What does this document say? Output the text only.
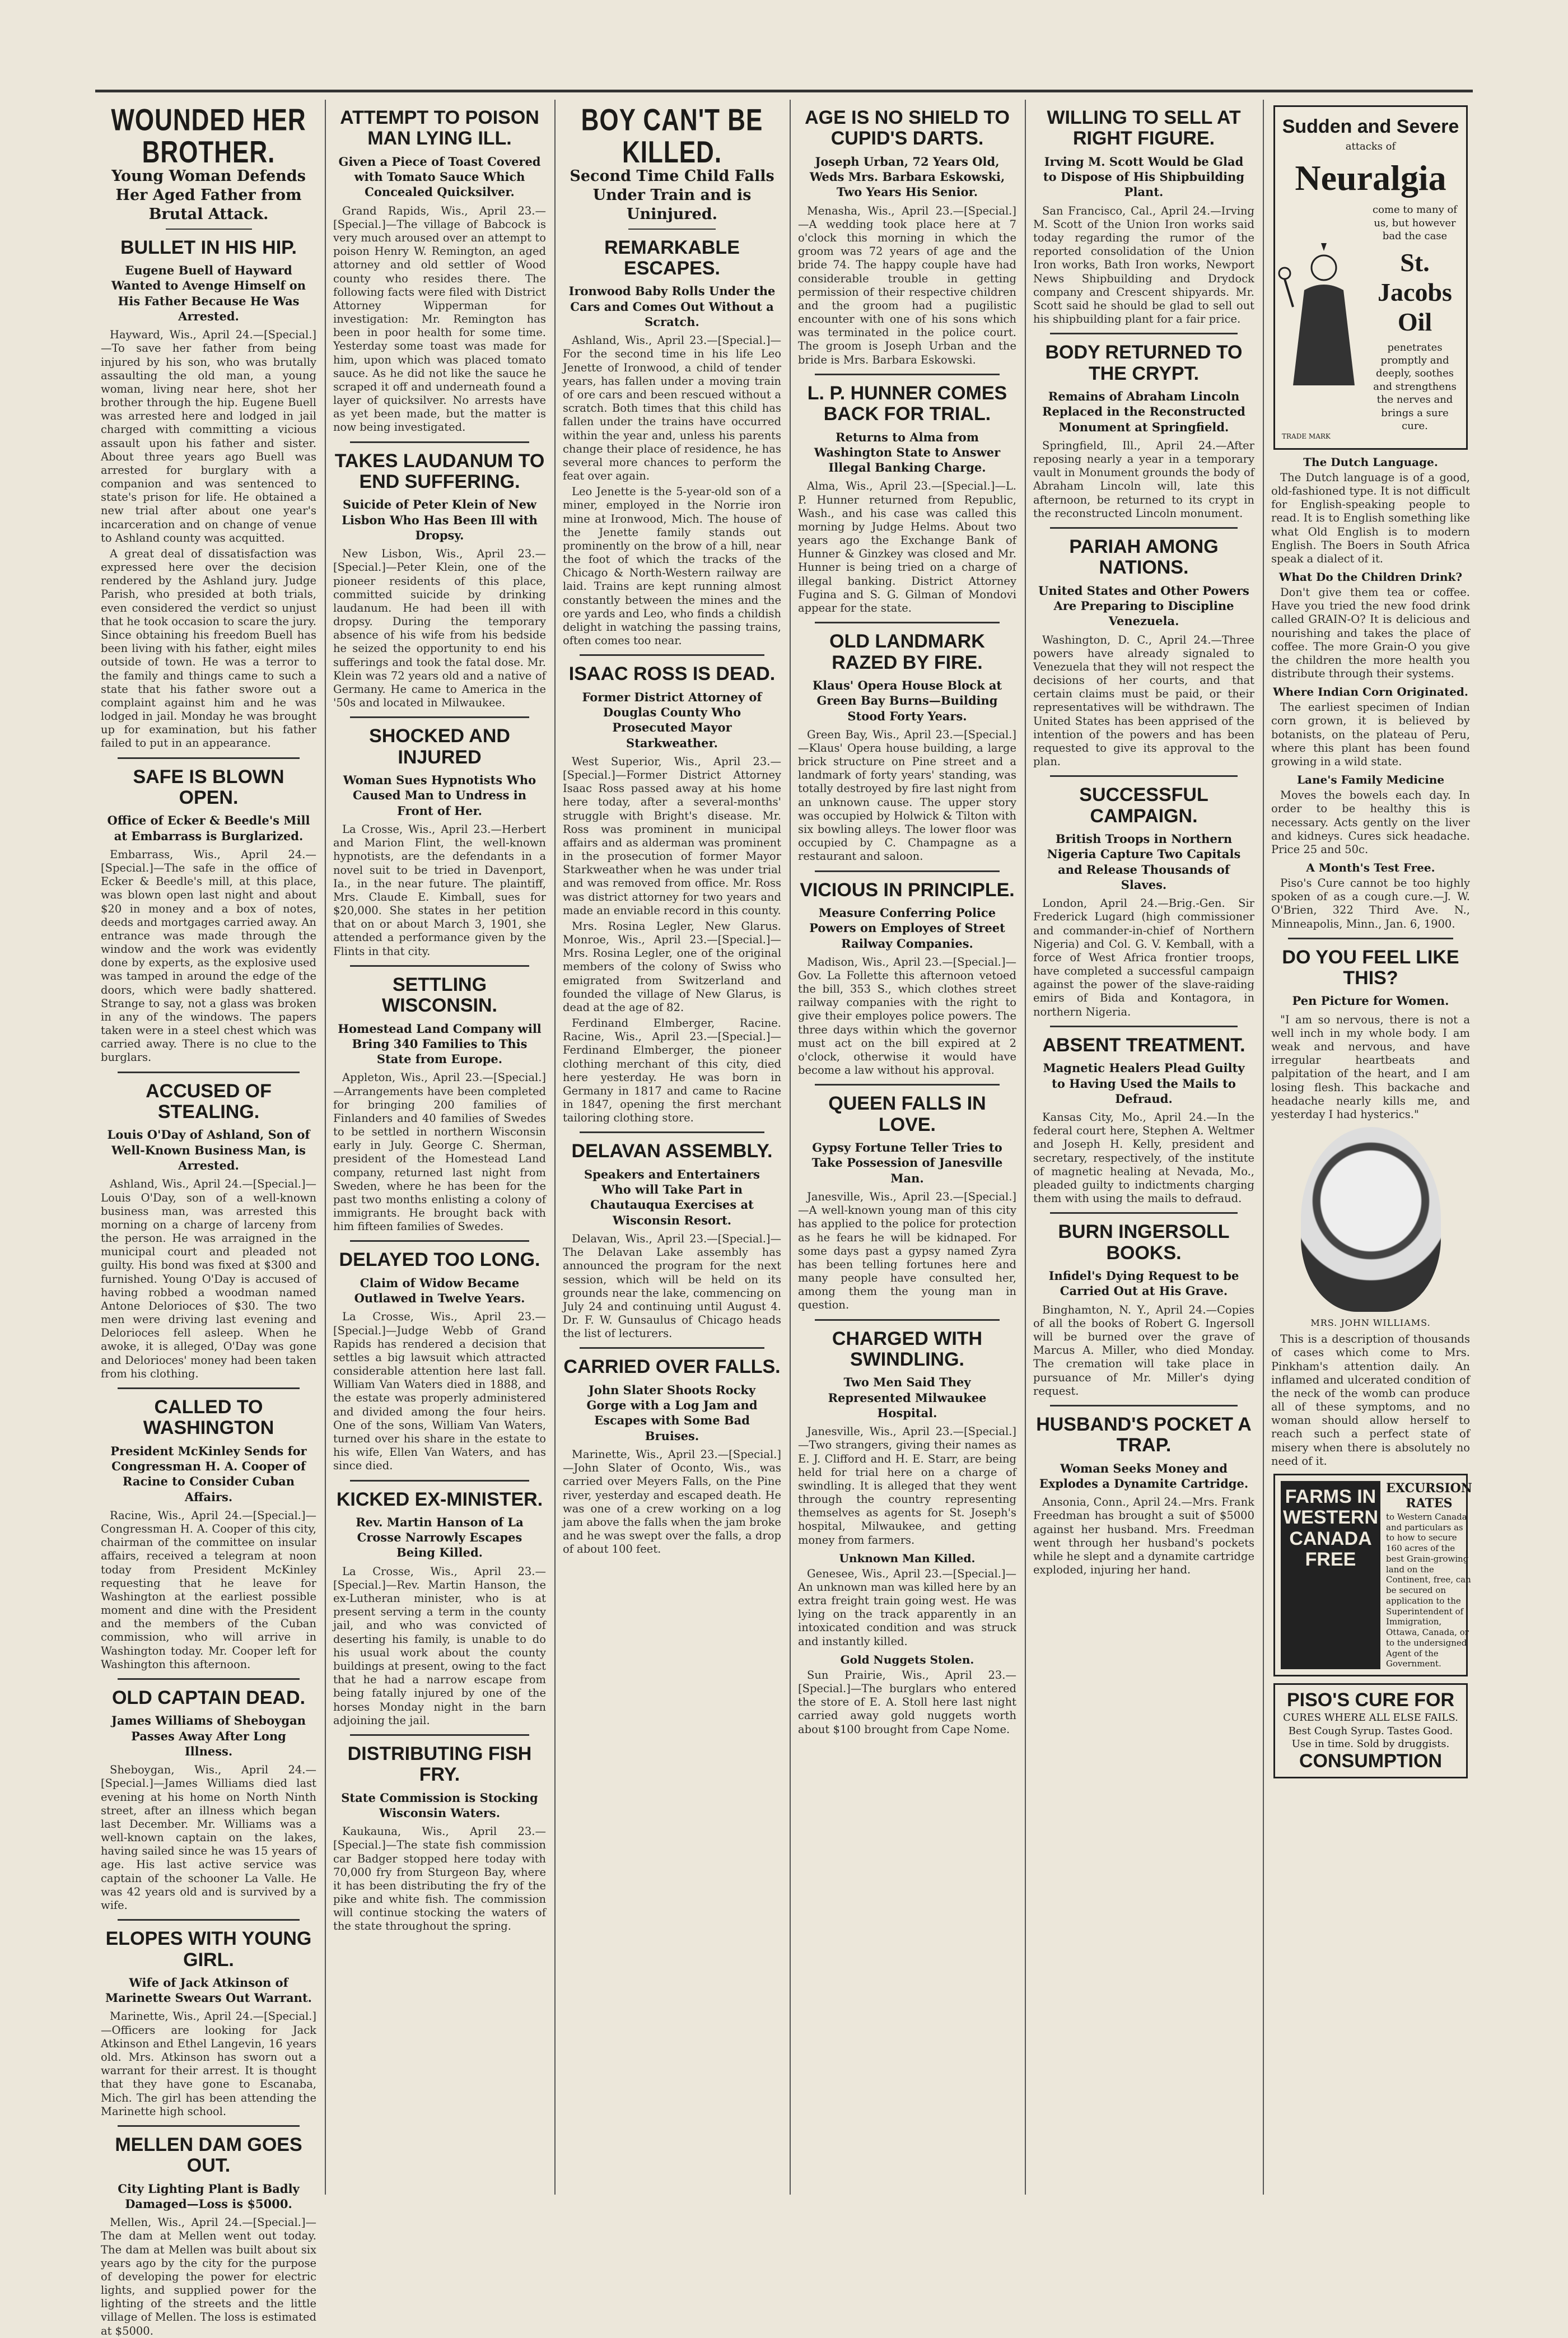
WOUNDED HER BROTHER.
Young Woman Defends Her Aged Father from Brutal Attack.
BULLET IN HIS HIP.
Eugene Buell of Hayward Wanted to Avenge Himself on His Father Because He Was Arrested.

Hayward, Wis., April 24.—[Special.]—To save her father from being injured by his son, who was brutally assaulting the old man, a young woman, living near here, shot her brother through the hip. Eugene Buell was arrested here and lodged in jail charged with committing a vicious assault upon his father and sister. About three years ago Buell was arrested for burglary with a companion and was sentenced to state's prison for life. He obtained a new trial after about one year's incarceration and on change of venue to Ashland county was acquitted.

A great deal of dissatisfaction was expressed here over the decision rendered by the Ashland jury. Judge Parish, who presided at both trials, even considered the verdict so unjust that he took occasion to scare the jury. Since obtaining his freedom Buell has been living with his father, eight miles outside of town. He was a terror to the family and things came to such a state that his father swore out a complaint against him and he was lodged in jail. Monday he was brought up for examination, but his father failed to put in an appearance.

SAFE IS BLOWN OPEN.
Office of Ecker & Beedle's Mill at Embarrass is Burglarized.

Embarrass, Wis., April 24.—[Special.]—The safe in the office of Ecker & Beedle's mill, at this place, was blown open last night and about $20 in money and a box of notes, deeds and mortgages carried away. An entrance was made through the window and the work was evidently done by experts, as the explosive used was tamped in around the edge of the doors, which were badly shattered. Strange to say, not a glass was broken in any of the windows. The papers taken were in a steel chest which was carried away. There is no clue to the burglars.

ACCUSED OF STEALING.
Louis O'Day of Ashland, Son of Well-Known Business Man, is Arrested.

Ashland, Wis., April 24.—[Special.]—Louis O'Day, son of a well-known business man, was arrested this morning on a charge of larceny from the person. He was arraigned in the municipal court and pleaded not guilty. His bond was fixed at $300 and furnished. Young O'Day is accused of having robbed a woodman named Antone Delorioces of $30. The two men were driving last evening and Delorioces fell asleep. When he awoke, it is alleged, O'Day was gone and Delorioces' money had been taken from his clothing.

CALLED TO WASHINGTON
President McKinley Sends for Congressman H. A. Cooper of Racine to Consider Cuban Affairs.

Racine, Wis., April 24.—[Special.]—Congressman H. A. Cooper of this city, chairman of the committee on insular affairs, received a telegram at noon today from President McKinley requesting that he leave for Washington at the earliest possible moment and dine with the President and the members of the Cuban commission, who will arrive in Washington today. Mr. Cooper left for Washington this afternoon.

OLD CAPTAIN DEAD.
James Williams of Sheboygan Passes Away After Long Illness.

Sheboygan, Wis., April 24.—[Special.]—James Williams died last evening at his home on North Ninth street, after an illness which began last December. Mr. Williams was a well-known captain on the lakes, having sailed since he was 15 years of age. His last active service was captain of the schooner La Valle. He was 42 years old and is survived by a wife.

ELOPES WITH YOUNG GIRL.
Wife of Jack Atkinson of Marinette Swears Out Warrant.

Marinette, Wis., April 24.—[Special.]—Officers are looking for Jack Atkinson and Ethel Langevin, 16 years old. Mrs. Atkinson has sworn out a warrant for their arrest. It is thought that they have gone to Escanaba, Mich. The girl has been attending the Marinette high school.

MELLEN DAM GOES OUT.
City Lighting Plant is Badly Damaged—Loss is $5000.

Mellen, Wis., April 24.—[Special.]—The dam at Mellen went out today. The dam at Mellen was built about six years ago by the city for the purpose of developing the power for electric lights, and supplied power for the lighting of the streets and the little village of Mellen. The loss is estimated at $5000.

ATTEMPT TO POISON MAN LYING ILL.
Given a Piece of Toast Covered with Tomato Sauce Which Concealed Quicksilver.

Grand Rapids, Wis., April 23.—[Special.]—The village of Babcock is very much aroused over an attempt to poison Henry W. Remington, an aged attorney and old settler of Wood county who resides there. The following facts were filed with District Attorney Wipperman for investigation: Mr. Remington has been in poor health for some time. Yesterday some toast was made for him, upon which was placed tomato sauce. As he did not like the sauce he scraped it off and underneath found a layer of quicksilver. No arrests have as yet been made, but the matter is now being investigated.

TAKES LAUDANUM TO END SUFFERING.
Suicide of Peter Klein of New Lisbon Who Has Been Ill with Dropsy.

New Lisbon, Wis., April 23.—[Special.]—Peter Klein, one of the pioneer residents of this place, committed suicide by drinking laudanum. He had been ill with dropsy. During the temporary absence of his wife from his bedside he seized the opportunity to end his sufferings and took the fatal dose. Mr. Klein was 72 years old and a native of Germany. He came to America in the '50s and located in Milwaukee.

SHOCKED AND INJURED
Woman Sues Hypnotists Who Caused Man to Undress in Front of Her.

La Crosse, Wis., April 23.—Herbert and Marion Flint, the well-known hypnotists, are the defendants in a novel suit to be tried in Davenport, Ia., in the near future. The plaintiff, Mrs. Claude E. Kimball, sues for $20,000. She states in her petition that on or about March 3, 1901, she attended a performance given by the Flints in that city.

SETTLING WISCONSIN.
Homestead Land Company will Bring 340 Families to This State from Europe.

Appleton, Wis., April 23.—[Special.]—Arrangements have been completed for bringing 200 families of Finlanders and 40 families of Swedes to be settled in northern Wisconsin early in July. George C. Sherman, president of the Homestead Land company, returned last night from Sweden, where he has been for the past two months enlisting a colony of immigrants. He brought back with him fifteen families of Swedes.

DELAYED TOO LONG.
Claim of Widow Became Outlawed in Twelve Years.

La Crosse, Wis., April 23.—[Special.]—Judge Webb of Grand Rapids has rendered a decision that settles a big lawsuit which attracted considerable attention here last fall. William Van Waters died in 1888, and the estate was properly administered and divided among the four heirs. One of the sons, William Van Waters, turned over his share in the estate to his wife, Ellen Van Waters, and has since died.

KICKED EX-MINISTER.
Rev. Martin Hanson of La Crosse Narrowly Escapes Being Killed.

La Crosse, Wis., April 23.—[Special.]—Rev. Martin Hanson, the ex-Lutheran minister, who is at present serving a term in the county jail, and who was convicted of deserting his family, is unable to do his usual work about the county buildings at present, owing to the fact that he had a narrow escape from being fatally injured by one of the horses Monday night in the barn adjoining the jail.

DISTRIBUTING FISH FRY.
State Commission is Stocking Wisconsin Waters.

Kaukauna, Wis., April 23.—[Special.]—The state fish commission car Badger stopped here today with 70,000 fry from Sturgeon Bay, where it has been distributing the fry of the pike and white fish. The commission will continue stocking the waters of the state throughout the spring.

BOY CAN'T BE KILLED.
Second Time Child Falls Under Train and is Uninjured.
REMARKABLE ESCAPES.
Ironwood Baby Rolls Under the Cars and Comes Out Without a Scratch.

Ashland, Wis., April 23.—[Special.]—For the second time in his life Leo Jenette of Ironwood, a child of tender years, has fallen under a moving train of ore cars and been rescued without a scratch. Both times that this child has fallen under the trains have occurred within the year and, unless his parents change their place of residence, he has several more chances to perform the feat over again.

Leo Jenette is the 5-year-old son of a miner, employed in the Norrie iron mine at Ironwood, Mich. The house of the Jenette family stands out prominently on the brow of a hill, near the foot of which the tracks of the Chicago & North-Western railway are laid. Trains are kept running almost constantly between the mines and the ore yards and Leo, who finds a childish delight in watching the passing trains, often comes too near.

ISAAC ROSS IS DEAD.
Former District Attorney of Douglas County Who Prosecuted Mayor Starkweather.

West Superior, Wis., April 23.—[Special.]—Former District Attorney Isaac Ross passed away at his home here today, after a several-months' struggle with Bright's disease. Mr. Ross was prominent in municipal affairs and as alderman was prominent in the prosecution of former Mayor Starkweather when he was under trial and was removed from office. Mr. Ross was district attorney for two years and made an enviable record in this county.

Mrs. Rosina Legler, New Glarus. Monroe, Wis., April 23.—[Special.]—Mrs. Rosina Legler, one of the original members of the colony of Swiss who emigrated from Switzerland and founded the village of New Glarus, is dead at the age of 82.

Ferdinand Elmberger, Racine. Racine, Wis., April 23.—[Special.]—Ferdinand Elmberger, the pioneer clothing merchant of this city, died here yesterday. He was born in Germany in 1817 and came to Racine in 1847, opening the first merchant tailoring clothing store.

DELAVAN ASSEMBLY.
Speakers and Entertainers Who will Take Part in Chautauqua Exercises at Wisconsin Resort.

Delavan, Wis., April 23.—[Special.]—The Delavan Lake assembly has announced the program for the next session, which will be held on its grounds near the lake, commencing on July 24 and continuing until August 4. Dr. F. W. Gunsaulus of Chicago heads the list of lecturers.

CARRIED OVER FALLS.
John Slater Shoots Rocky Gorge with a Log Jam and Escapes with Some Bad Bruises.

Marinette, Wis., April 23.—[Special.]—John Slater of Oconto, Wis., was carried over Meyers Falls, on the Pine river, yesterday and escaped death. He was one of a crew working on a log jam above the falls when the jam broke and he was swept over the falls, a drop of about 100 feet.

AGE IS NO SHIELD TO CUPID'S DARTS.
Joseph Urban, 72 Years Old, Weds Mrs. Barbara Eskowski, Two Years His Senior.

Menasha, Wis., April 23.—[Special.]—A wedding took place here at 7 o'clock this morning in which the groom was 72 years of age and the bride 74. The happy couple have had considerable trouble in getting permission of their respective children and the groom had a pugilistic encounter with one of his sons which was terminated in the police court. The groom is Joseph Urban and the bride is Mrs. Barbara Eskowski.

L. P. HUNNER COMES BACK FOR TRIAL.
Returns to Alma from Washington State to Answer Illegal Banking Charge.

Alma, Wis., April 23.—[Special.]—L. P. Hunner returned from Republic, Wash., and his case was called this morning by Judge Helms. About two years ago the Exchange Bank of Hunner & Ginzkey was closed and Mr. Hunner is being tried on a charge of illegal banking. District Attorney Fugina and S. G. Gilman of Mondovi appear for the state.

OLD LANDMARK RAZED BY FIRE.
Klaus' Opera House Block at Green Bay Burns—Building Stood Forty Years.

Green Bay, Wis., April 23.—[Special.]—Klaus' Opera house building, a large brick structure on Pine street and a landmark of forty years' standing, was totally destroyed by fire last night from an unknown cause. The upper story was occupied by Holwick & Tilton with six bowling alleys. The lower floor was occupied by C. Champagne as a restaurant and saloon.

VICIOUS IN PRINCIPLE.
Measure Conferring Police Powers on Employes of Street Railway Companies.

Madison, Wis., April 23.—[Special.]—Gov. La Follette this afternoon vetoed the bill, 353 S., which clothes street railway companies with the right to give their employes police powers. The three days within which the governor must act on the bill expired at 2 o'clock, otherwise it would have become a law without his approval.

QUEEN FALLS IN LOVE.
Gypsy Fortune Teller Tries to Take Possession of Janesville Man.

Janesville, Wis., April 23.—[Special.]—A well-known young man of this city has applied to the police for protection as he fears he will be kidnaped. For some days past a gypsy named Zyra has been telling fortunes here and many people have consulted her, among them the young man in question.

CHARGED WITH SWINDLING.
Two Men Said They Represented Milwaukee Hospital.

Janesville, Wis., April 23.—[Special.]—Two strangers, giving their names as E. J. Clifford and H. E. Starr, are being held for trial here on a charge of swindling. It is alleged that they went through the country representing themselves as agents for St. Joseph's hospital, Milwaukee, and getting money from farmers.

Unknown Man Killed.

Genesee, Wis., April 23.—[Special.]—An unknown man was killed here by an extra freight train going west. He was lying on the track apparently in an intoxicated condition and was struck and instantly killed.

Gold Nuggets Stolen.

Sun Prairie, Wis., April 23.—[Special.]—The burglars who entered the store of E. A. Stoll here last night carried away gold nuggets worth about $100 brought from Cape Nome.

WILLING TO SELL AT RIGHT FIGURE.
Irving M. Scott Would be Glad to Dispose of His Shipbuilding Plant.

San Francisco, Cal., April 24.—Irving M. Scott of the Union Iron works said today regarding the rumor of the reported consolidation of the Union Iron works, Bath Iron works, Newport News Shipbuilding and Drydock company and Crescent shipyards. Mr. Scott said he should be glad to sell out his shipbuilding plant for a fair price.

BODY RETURNED TO THE CRYPT.
Remains of Abraham Lincoln Replaced in the Reconstructed Monument at Springfield.

Springfield, Ill., April 24.—After reposing nearly a year in a temporary vault in Monument grounds the body of Abraham Lincoln will, late this afternoon, be returned to its crypt in the reconstructed Lincoln monument.

PARIAH AMONG NATIONS.
United States and Other Powers Are Preparing to Discipline Venezuela.

Washington, D. C., April 24.—Three powers have already signaled to Venezuela that they will not respect the decisions of her courts, and that certain claims must be paid, or their representatives will be withdrawn. The United States has been apprised of the intention of the powers and has been requested to give its approval to the plan.

SUCCESSFUL CAMPAIGN.
British Troops in Northern Nigeria Capture Two Capitals and Release Thousands of Slaves.

London, April 24.—Brig.-Gen. Sir Frederick Lugard (high commissioner and commander-in-chief of Northern Nigeria) and Col. G. V. Kemball, with a force of West Africa frontier troops, have completed a successful campaign against the power of the slave-raiding emirs of Bida and Kontagora, in northern Nigeria.

ABSENT TREATMENT.
Magnetic Healers Plead Guilty to Having Used the Mails to Defraud.

Kansas City, Mo., April 24.—In the federal court here, Stephen A. Weltmer and Joseph H. Kelly, president and secretary, respectively, of the institute of magnetic healing at Nevada, Mo., pleaded guilty to indictments charging them with using the mails to defraud.

BURN INGERSOLL BOOKS.
Infidel's Dying Request to be Carried Out at His Grave.

Binghamton, N. Y., April 24.—Copies of all the books of Robert G. Ingersoll will be burned over the grave of Marcus A. Miller, who died Monday. The cremation will take place in pursuance of Mr. Miller's dying request.

HUSBAND'S POCKET A TRAP.
Woman Seeks Money and Explodes a Dynamite Cartridge.

Ansonia, Conn., April 24.—Mrs. Frank Freedman has brought a suit of $5000 against her husband. Mrs. Freedman went through her husband's pockets while he slept and a dynamite cartridge exploded, injuring her hand.

Sudden and Severe
attacks of
Neuralgia
come to many of us, but however bad the case
St. Jacobs Oil
penetrates promptly and deeply, soothes and strengthens the nerves and brings a sure cure.
TRADE MARK
The Dutch Language.

The Dutch language is of a good, old-fashioned type. It is not difficult for English-speaking people to read. It is to English something like what Old English is to modern English. The Boers in South Africa speak a dialect of it.

What Do the Children Drink?

Don't give them tea or coffee. Have you tried the new food drink called GRAIN-O? It is delicious and nourishing and takes the place of coffee. The more Grain-O you give the children the more health you distribute through their systems.

Where Indian Corn Originated.

The earliest specimen of Indian corn grown, it is believed by botanists, on the plateau of Peru, where this plant has been found growing in a wild state.

Lane's Family Medicine

Moves the bowels each day. In order to be healthy this is necessary. Acts gently on the liver and kidneys. Cures sick headache. Price 25 and 50c.

A Month's Test Free.

Piso's Cure cannot be too highly spoken of as a cough cure.—J. W. O'Brien, 322 Third Ave. N., Minneapolis, Minn., Jan. 6, 1900.

DO YOU FEEL LIKE THIS?
Pen Picture for Women.

"I am so nervous, there is not a well inch in my whole body. I am weak and nervous, and have irregular heartbeats and palpitation of the heart, and I am losing flesh. This backache and headache nearly kills me, and yesterday I had hysterics."

MRS. JOHN WILLIAMS.

This is a description of thousands of cases which come to Mrs. Pinkham's attention daily. An inflamed and ulcerated condition of the neck of the womb can produce all of these symptoms, and no woman should allow herself to reach such a perfect state of misery when there is absolutely no need of it.

FARMS IN WESTERN CANADA FREE
EXCURSION RATES
to Western Canada and particulars as to how to secure 160 acres of the best Grain-growing land on the Continent, free, can be secured on application to the Superintendent of Immigration, Ottawa, Canada, or to the undersigned Agent of the Government.
PISO'S CURE FOR
CURES WHERE ALL ELSE FAILS. Best Cough Syrup. Tastes Good. Use in time. Sold by druggists.
CONSUMPTION
